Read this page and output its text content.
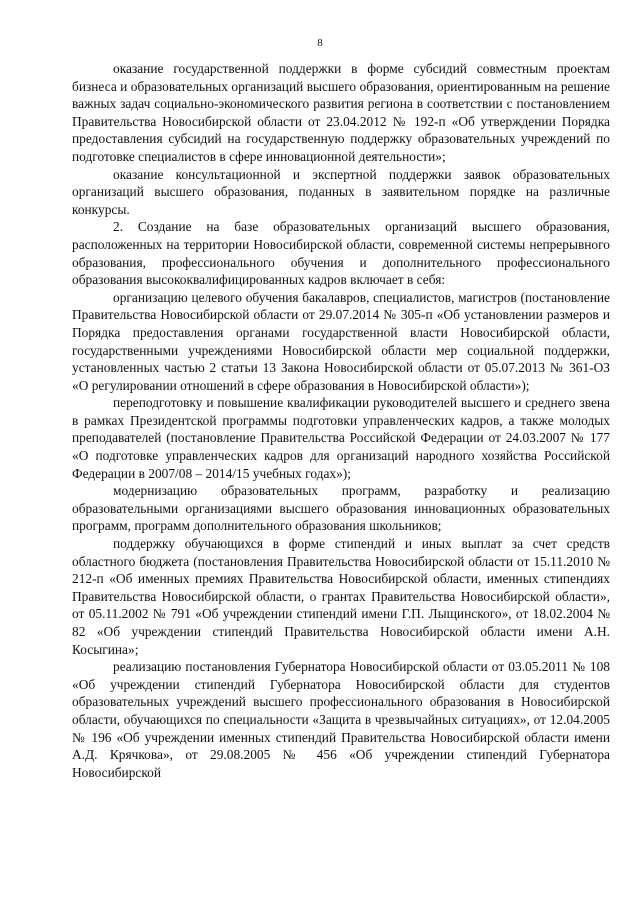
8

оказание государственной поддержки в форме субсидий совместным проектам бизнеса и образовательных организаций высшего образования, ориентированным на решение важных задач социально-экономического развития региона в соответствии с постановлением Правительства Новосибирской области от 23.04.2012 № 192-п «Об утверждении Порядка предоставления субсидий на государственную поддержку образовательных учреждений по подготовке специалистов в сфере инновационной деятельности»;

оказание консультационной и экспертной поддержки заявок образовательных организаций высшего образования, поданных в заявительном порядке на различные конкурсы.

2. Создание на базе образовательных организаций высшего образования, расположенных на территории Новосибирской области, современной системы непрерывного образования, профессионального обучения и дополнительного профессионального образования высококвалифицированных кадров включает в себя:

организацию целевого обучения бакалавров, специалистов, магистров (постановление Правительства Новосибирской области от 29.07.2014 № 305-п «Об установлении размеров и Порядка предоставления органами государственной власти Новосибирской области, государственными учреждениями Новосибирской области мер социальной поддержки, установленных частью 2 статьи 13 Закона Новосибирской области от 05.07.2013 № 361-ОЗ «О регулировании отношений в сфере образования в Новосибирской области»);

переподготовку и повышение квалификации руководителей высшего и среднего звена в рамках Президентской программы подготовки управленческих кадров, а также молодых преподавателей (постановление Правительства Российской Федерации от 24.03.2007 № 177 «О подготовке управленческих кадров для организаций народного хозяйства Российской Федерации в 2007/08 – 2014/15 учебных годах»);

модернизацию образовательных программ, разработку и реализацию образовательными организациями высшего образования инновационных образовательных программ, программ дополнительного образования школьников;

поддержку обучающихся в форме стипендий и иных выплат за счет средств областного бюджета (постановления Правительства Новосибирской области от 15.11.2010 № 212-п «Об именных премиях Правительства Новосибирской области, именных стипендиях Правительства Новосибирской области, о грантах Правительства Новосибирской области», от 05.11.2002 № 791 «Об учреждении стипендий имени Г.П. Лыщинского», от 18.02.2004 № 82 «Об учреждении стипендий Правительства Новосибирской области имени А.Н. Косыгина»;

реализацию постановления Губернатора Новосибирской области от 03.05.2011 № 108 «Об учреждении стипендий Губернатора Новосибирской области для студентов образовательных учреждений высшего профессионального образования в Новосибирской области, обучающихся по специальности «Защита в чрезвычайных ситуациях», от 12.04.2005 № 196 «Об учреждении именных стипендий Правительства Новосибирской области имени А.Д. Крячкова», от 29.08.2005 № 456 «Об учреждении стипендий Губернатора Новосибирской
